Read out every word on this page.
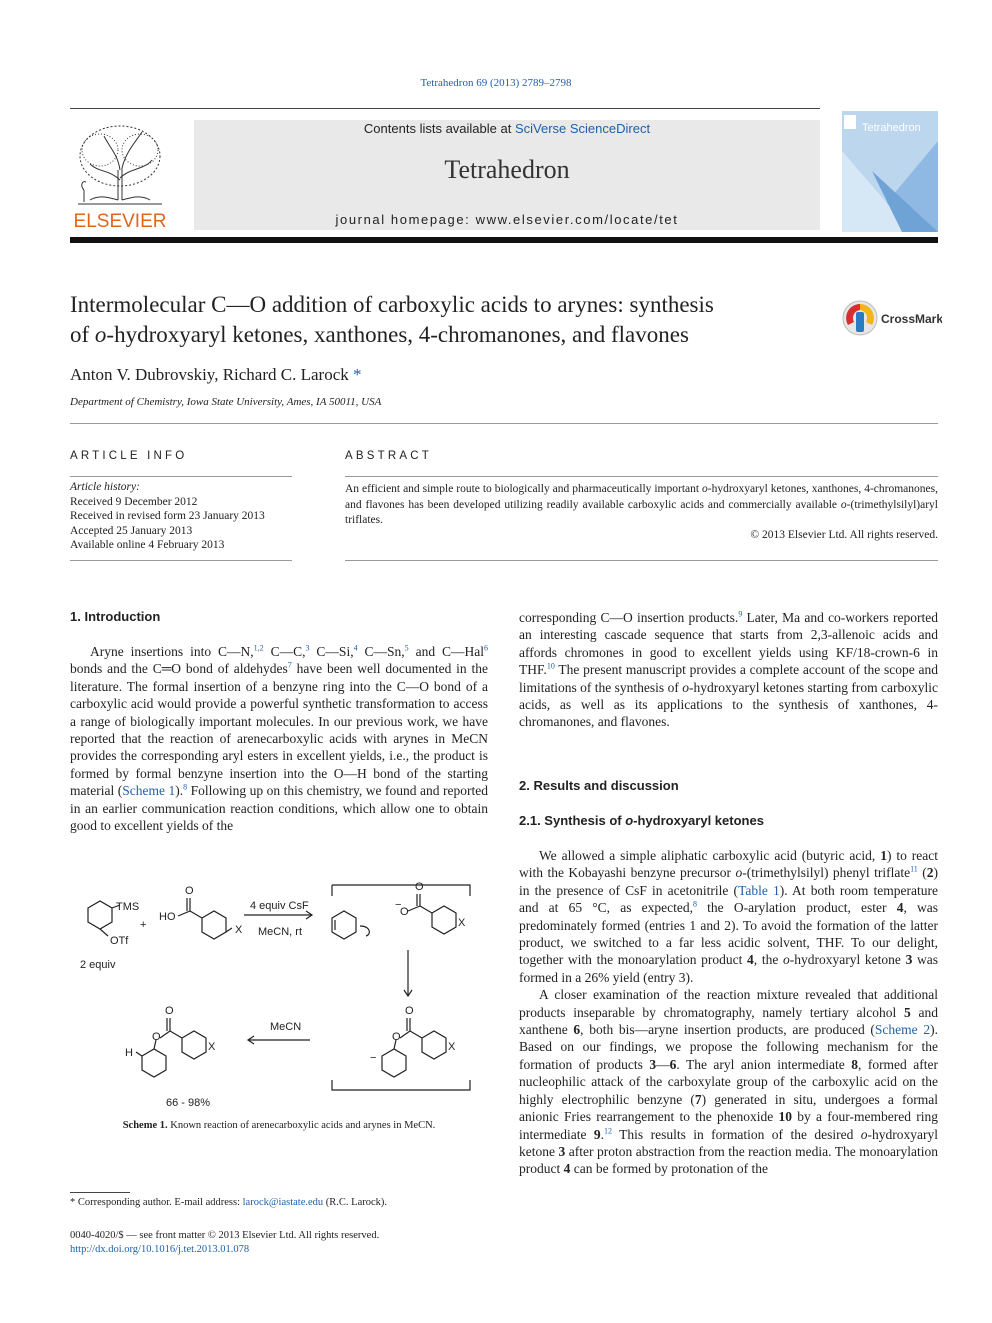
Tetrahedron 69 (2013) 2789–2798
ELSEVIER
Contents lists available at SciVerse ScienceDirect
Tetrahedron
journal homepage: www.elsevier.com/locate/tet
Tetrahedron
Intermolecular C—O addition of carboxylic acids to arynes: synthesis
of o-hydroxyaryl ketones, xanthones, 4-chromanones, and flavones
CrossMark
Anton V. Dubrovskiy, Richard C. Larock *
Department of Chemistry, Iowa State University, Ames, IA 50011, USA
ARTICLE INFO
Article history:
Received 9 December 2012
Received in revised form 23 January 2013
Accepted 25 January 2013
Available online 4 February 2013
ABSTRACT
An efficient and simple route to biologically and pharmaceutically important o-hydroxyaryl ketones, xanthones, 4-chromanones, and flavones has been developed utilizing readily available carboxylic acids and commercially available o-(trimethylsilyl)aryl triflates.
© 2013 Elsevier Ltd. All rights reserved.
1. Introduction

Aryne insertions into C—N,$^{1,2}$ C—C,$^3$ C—Si,$^4$ C—Sn,$^5$ and C—Hal$^6$ bonds and the C═O bond of aldehydes$^7$ have been well documented in the literature. The formal insertion of a benzyne ring into the C—O bond of a carboxylic acid would provide a powerful synthetic transformation to access a range of biologically important molecules. In our previous work, we have reported that the reaction of arenecarboxylic acids with arynes in MeCN provides the corresponding aryl esters in excellent yields, i.e., the product is formed by formal benzyne insertion into the O—H bond of the starting material (Scheme 1).$^8$ Following up on this chemistry, we found and reported in an earlier communication reaction conditions, which allow one to obtain good to excellent yields of the

TMS
OTf
2 equiv
+
HO
O
X
4 equiv CsF
MeCN, rt
O
O
−
X
O
O
X
−
MeCN
O
O
X
H
66 - 98%
Scheme 1. Known reaction of arenecarboxylic acids and arynes in MeCN.
* Corresponding author. E-mail address: larock@iastate.edu (R.C. Larock).
0040-4020/$ — see front matter © 2013 Elsevier Ltd. All rights reserved.
http://dx.doi.org/10.1016/j.tet.2013.01.078

corresponding C—O insertion products.$^9$ Later, Ma and co-workers reported an interesting cascade sequence that starts from 2,3-allenoic acids and affords chromones in good to excellent yields using KF/18-crown-6 in THF.$^{10}$ The present manuscript provides a complete account of the scope and limitations of the synthesis of o-hydroxyaryl ketones starting from carboxylic acids, as well as its applications to the synthesis of xanthones, 4-chromanones, and flavones.

2. Results and discussion
2.1. Synthesis of o-hydroxyaryl ketones

We allowed a simple aliphatic carboxylic acid (butyric acid, 1) to react with the Kobayashi benzyne precursor o-(trimethylsilyl) phenyl triflate$^{11}$ (2) in the presence of CsF in acetonitrile (Table 1). At both room temperature and at 65 °C, as expected,$^8$ the O-arylation product, ester 4, was predominately formed (entries 1 and 2). To avoid the formation of the latter product, we switched to a far less acidic solvent, THF. To our delight, together with the monoarylation product 4, the o-hydroxyaryl ketone 3 was formed in a 26% yield (entry 3).

A closer examination of the reaction mixture revealed that additional products inseparable by chromatography, namely tertiary alcohol 5 and xanthene 6, both bis—aryne insertion products, are produced (Scheme 2). Based on our findings, we propose the following mechanism for the formation of products 3—6. The aryl anion intermediate 8, formed after nucleophilic attack of the carboxylate group of the carboxylic acid on the highly electrophilic benzyne (7) generated in situ, undergoes a formal anionic Fries rearrangement to the phenoxide 10 by a four-membered ring intermediate 9.12 This results in formation of the desired o-hydroxyaryl ketone 3 after proton abstraction from the reaction media. The monoarylation product 4 can be formed by protonation of the
